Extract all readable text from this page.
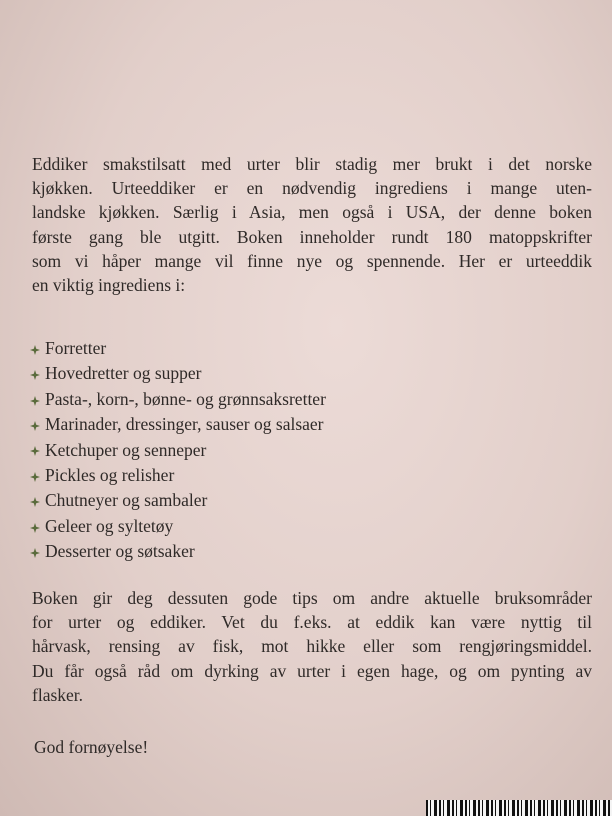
Eddiker smakstilsatt med urter blir stadig mer brukt i det norske
kjøkken. Urteeddiker er en nødvendig ingrediens i mange uten-
landske kjøkken. Særlig i Asia, men også i USA, der denne boken
første gang ble utgitt. Boken inneholder rundt 180 matoppskrifter
som vi håper mange vil finne nye og spennende. Her er urteeddik
en viktig ingrediens i:

Forretter
Hovedretter og supper
Pasta-, korn-, bønne- og grønnsaksretter
Marinader, dressinger, sauser og salsaer
Ketchuper og senneper
Pickles og relisher
Chutneyer og sambaler
Geleer og syltetøy
Desserter og søtsaker

Boken gir deg dessuten gode tips om andre aktuelle bruksområder
for urter og eddiker. Vet du f.eks. at eddik kan være nyttig til
hårvask, rensing av fisk, mot hikke eller som rengjøringsmiddel.
Du får også råd om dyrking av urter i egen hage, og om pynting av
flasker.

God fornøyelse!
